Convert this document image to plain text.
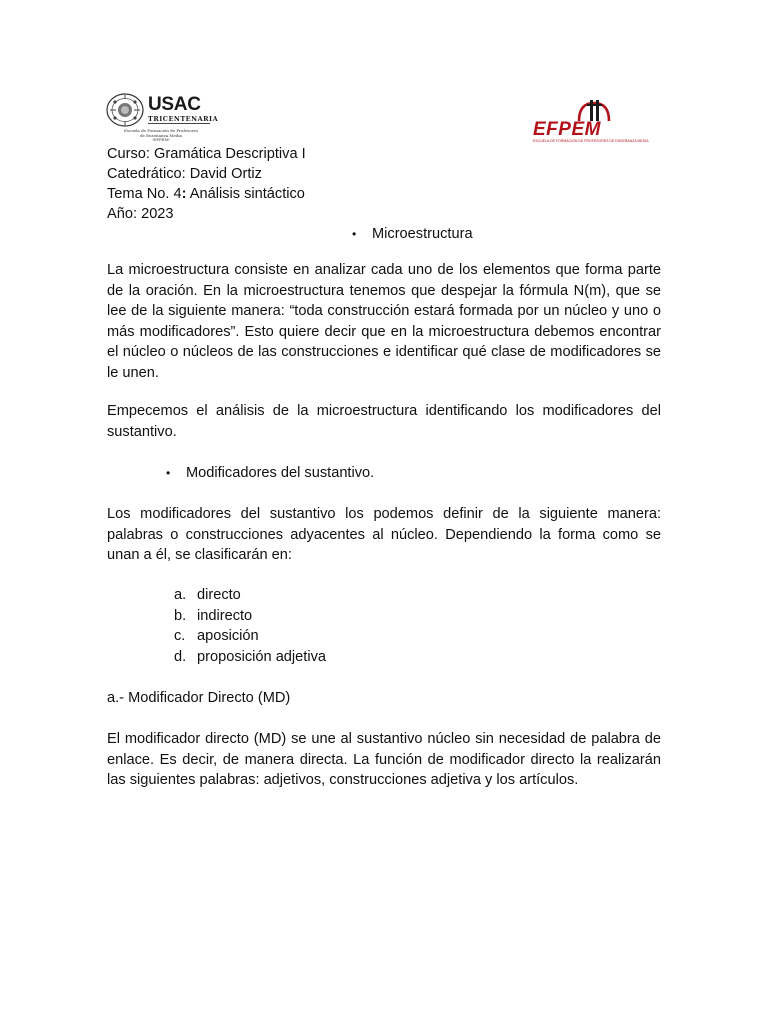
USAC
TRICENTENARIA
Escuela de Formación de Profesores
de Enseñanza Media
-EFPEM-	EFPEM
ESCUELA DE FORMACIÓN DE PROFESORES DE ENSEÑANZA MEDIA
Curso: Gramática Descriptiva I
Catedrático: David Ortiz
Tema No. 4: Análisis sintáctico
Año: 2023
• Microestructura
La microestructura consiste en analizar cada uno de los elementos que forma parte de la oración. En la microestructura tenemos que despejar la fórmula N(m), que se lee de la siguiente manera: “toda construcción estará formada por un núcleo y uno o más modificadores”. Esto quiere decir que en la microestructura debemos encontrar el núcleo o núcleos de las construcciones e identificar qué clase de modificadores se le unen.
Empecemos el análisis de la microestructura identificando los modificadores del sustantivo.
• Modificadores del sustantivo.
Los modificadores del sustantivo los podemos definir de la siguiente manera: palabras o construcciones adyacentes al núcleo. Dependiendo la forma como se unan a él, se clasificarán en:
a. directo
b. indirecto
c. aposición
d. proposición adjetiva
a.- Modificador Directo (MD)
El modificador directo (MD) se une al sustantivo núcleo sin necesidad de palabra de enlace. Es decir, de manera directa. La función de modificador directo la realizarán las siguientes palabras: adjetivos, construcciones adjetiva y los artículos.
